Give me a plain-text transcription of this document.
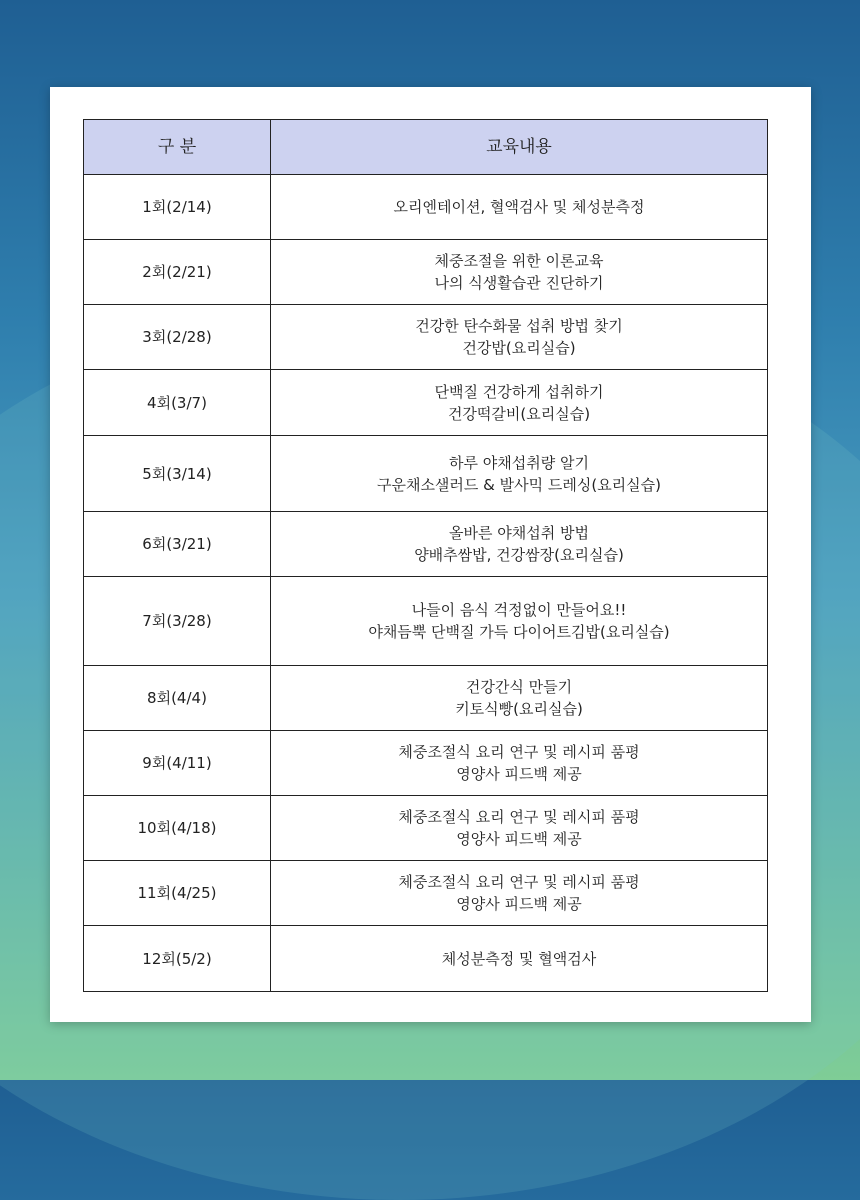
구 분	교육내용
1회(2/14)	오리엔테이션, 혈액검사 및 체성분측정

2회(2/21)	체중조절을 위한 이론교육
나의 식생활습관 진단하기

3회(2/28)	건강한 탄수화물 섭취 방법 찾기
건강밥(요리실습)

4회(3/7)	단백질 건강하게 섭취하기
건강떡갈비(요리실습)

5회(3/14)	하루 야채섭취량 알기
구운채소샐러드 & 발사믹 드레싱(요리실습)

6회(3/21)	올바른 야채섭취 방법
양배추쌈밥, 건강쌈장(요리실습)

7회(3/28)	나들이 음식 걱정없이 만들어요!!
야채듬뿍 단백질 가득 다이어트김밥(요리실습)

8회(4/4)	건강간식 만들기
키토식빵(요리실습)

9회(4/11)	체중조절식 요리 연구 및 레시피 품평
영양사 피드백 제공

10회(4/18)	체중조절식 요리 연구 및 레시피 품평
영양사 피드백 제공

11회(4/25)	체중조절식 요리 연구 및 레시피 품평
영양사 피드백 제공

12회(5/2)	체성분측정 및 혈액검사
